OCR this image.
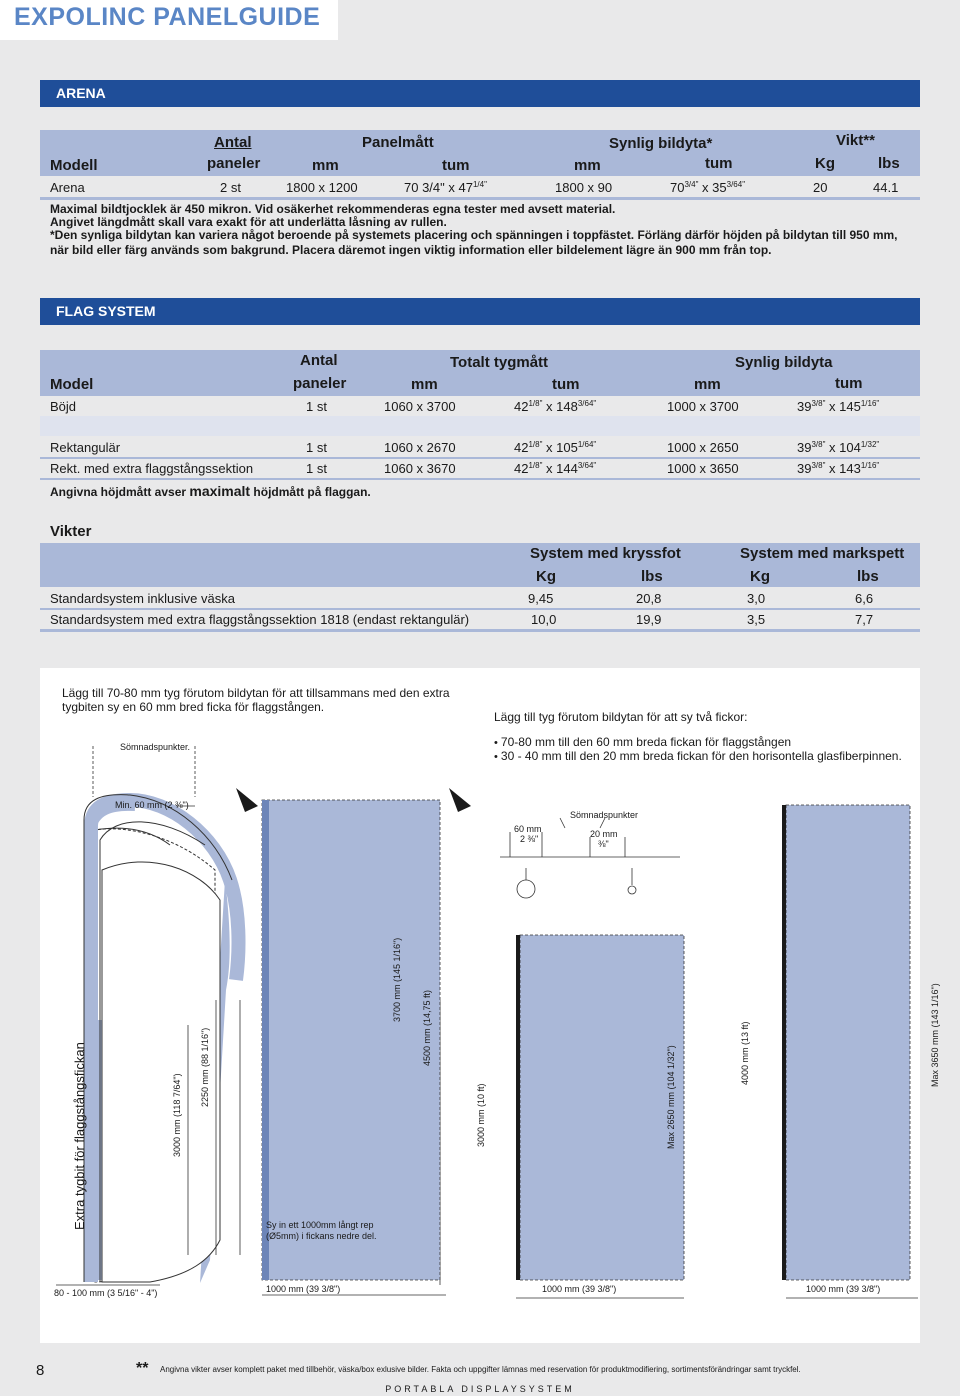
EXPOLINC PANELGUIDE
ARENA
Antal	Panelmått	Synlig bildyta*	Vikt**
Modell	paneler	mm	tum	mm	tum	Kg	lbs
Arena	2 st	1800 x 1200	70 3/4" x $47^{1/4"}$	1800 x 90	$70^{3/4"}$ x $35^{3/64"}$	20	44.1
Maximal bildtjocklek är 450 mikron. Vid osäkerhet rekommenderas egna tester med avsett material.
Angivet längdmått skall vara exakt för att underlätta låsning av rullen.
*Den synliga bildytan kan variera något beroende på systemets placering och spänningen i toppfästet. Förläng därför höjden på bildytan till 950 mm,
när bild eller färg används som bakgrund. Placera däremot ingen viktig information eller bildelement lägre än 900 mm från top.
FLAG SYSTEM
Antal	Totalt tygmått	Synlig bildyta
Model	paneler	mm	tum	mm	tum
Böjd	1 st	1060 x 3700	$42^{1/8"}$ x $148^{3/64"}$	1000 x 3700	$39^{3/8"}$ x $145^{1/16"}$
Rektangulär	1 st	1060 x 2670	$42^{1/8"}$ x $105^{1/64"}$	1000 x 2650	$39^{3/8"}$ x $104^{1/32"}$
Rekt. med extra flaggstångssektion	1 st	1060 x 3670	$42^{1/8"}$ x $144^{3/64"}$	1000 x 3650	$39^{3/8"}$ x $143^{1/16"}$
Angivna höjdmått avser maximalt höjdmått på flaggan.
Vikter
System med kryssfot	System med markspett
Kg	lbs	Kg	lbs
Standardsystem inklusive väska	9,45	20,8	3,0	6,6
Standardsystem med extra flaggstångssektion 1818 (endast rektangulär)	10,0	19,9	3,5	7,7
Lägg till 70-80 mm tyg förutom bildytan för att tillsammans med den extra tygbiten sy en 60 mm bred ficka för flaggstången.
Lägg till tyg förutom bildytan för att sy två fickor:
• 70-80 mm till den 60 mm breda fickan för flaggstången
• 30 - 40 mm till den 20 mm breda fickan för den horisontella glasfiberpinnen.
Sömnadspunkter.
Min. 60 mm (2 ⅜")
Sömnadspunkter
60 mm
2 ⅜"	20 mm
⅜"
Extra tygbit för flaggstångsfickan	3000 mm (118 7/64")
2250 mm (88 1/16")
3700 mm (145 1/16")
4500 mm (14,75 ft)
3000 mm (10 ft)	Max 2650 mm (104 1/32")	4000 mm (13 ft)	Max 3650 mm (143 1/16")
Sy in ett 1000mm långt rep (Ø5mm) i fickans nedre del.
80 - 100 mm (3 5/16" - 4")	1000 mm (39 3/8")	1000 mm (39 3/8")	1000 mm (39 3/8")
8	** Angivna vikter avser komplett paket med tillbehör, väska/box exlusive bilder. Fakta och uppgifter lämnas med reservation för produktmodifiering, sortimentsförändringar samt tryckfel.
PORTABLA DISPLAYSYSTEM
